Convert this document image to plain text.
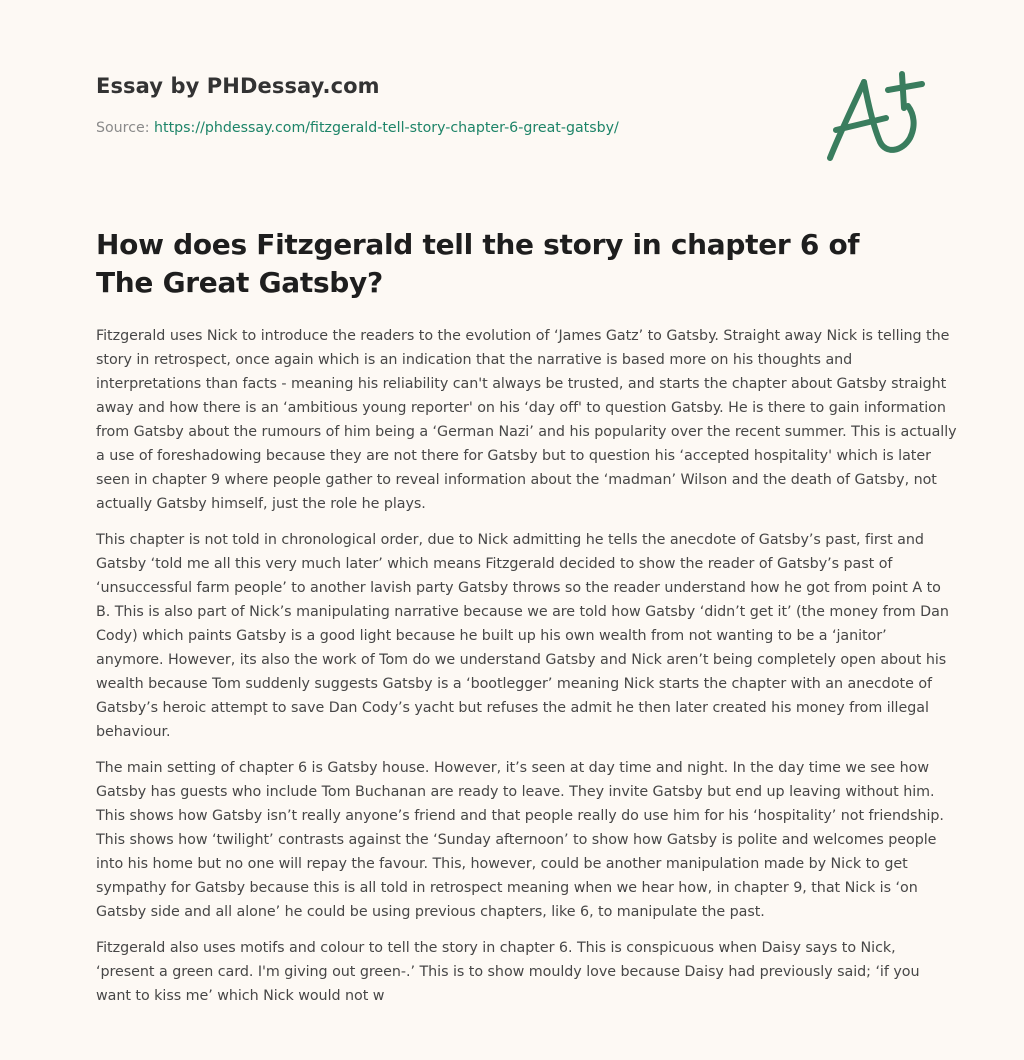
Essay by PHDessay.com
Source: https://phdessay.com/fitzgerald-tell-story-chapter-6-great-gatsby/
How does Fitzgerald tell the story in chapter 6 of The Great Gatsby?

Fitzgerald uses Nick to introduce the readers to the evolution of ‘James Gatz’ to Gatsby. Straight away Nick is telling the story in retrospect, once again which is an indication that the narrative is based more on his thoughts and interpretations than facts - meaning his reliability can't always be trusted, and starts the chapter about Gatsby straight away and how there is an ‘ambitious young reporter' on his ‘day off' to question Gatsby. He is there to gain information from Gatsby about the rumours of him being a ‘German Nazi’ and his popularity over the recent summer. This is actually a use of foreshadowing because they are not there for Gatsby but to question his ‘accepted hospitality' which is later seen in chapter 9 where people gather to reveal information about the ‘madman’ Wilson and the death of Gatsby, not actually Gatsby himself, just the role he plays.

This chapter is not told in chronological order, due to Nick admitting he tells the anecdote of Gatsby’s past, first and Gatsby ‘told me all this very much later’ which means Fitzgerald decided to show the reader of Gatsby’s past of ‘unsuccessful farm people’ to another lavish party Gatsby throws so the reader understand how he got from point A to B. This is also part of Nick’s manipulating narrative because we are told how Gatsby ‘didn’t get it’ (the money from Dan Cody) which paints Gatsby is a good light because he built up his own wealth from not wanting to be a ‘janitor’ anymore. However, its also the work of Tom do we understand Gatsby and Nick aren’t being completely open about his wealth because Tom suddenly suggests Gatsby is a ‘bootlegger’ meaning Nick starts the chapter with an anecdote of Gatsby’s heroic attempt to save Dan Cody’s yacht but refuses the admit he then later created his money from illegal behaviour.

The main setting of chapter 6 is Gatsby house. However, it’s seen at day time and night. In the day time we see how Gatsby has guests who include Tom Buchanan are ready to leave. They invite Gatsby but end up leaving without him. This shows how Gatsby isn’t really anyone’s friend and that people really do use him for his ‘hospitality’ not friendship. This shows how ‘twilight’ contrasts against the ‘Sunday afternoon’ to show how Gatsby is polite and welcomes people into his home but no one will repay the favour. This, however, could be another manipulation made by Nick to get sympathy for Gatsby because this is all told in retrospect meaning when we hear how, in chapter 9, that Nick is ‘on Gatsby side and all alone’ he could be using previous chapters, like 6, to manipulate the past.

Fitzgerald also uses motifs and colour to tell the story in chapter 6. This is conspicuous when Daisy says to Nick, ‘present a green card. I'm giving out green-.’ This is to show mouldy love because Daisy had previously said; ‘if you want to kiss me’ which Nick would not w
